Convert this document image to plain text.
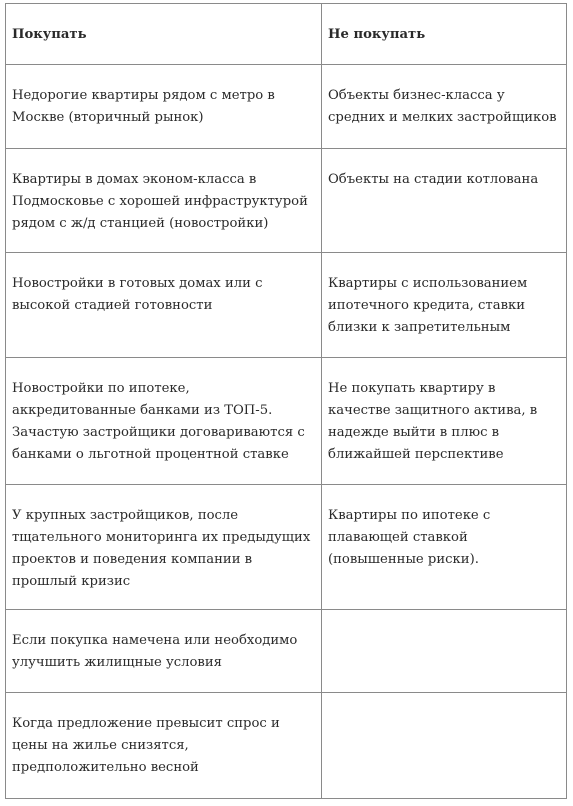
Покупать	Не покупать
Недорогие квартиры рядом с метро в Москве (вторичный рынок)	Объекты бизнес-класса у средних и мелких застройщиков
Квартиры в домах эконом-класса в Подмосковье с хорошей инфраструктурой рядом с ж/д станцией (новостройки)	Объекты на стадии котлована
Новостройки в готовых домах или с высокой стадией готовности	Квартиры с использованием ипотечного кредита, ставки близки к запретительным
Новостройки по ипотеке, аккредитованные банками из ТОП-5. Зачастую застройщики договариваются с банками о льготной процентной ставке	Не покупать квартиру в качестве защитного актива, в надежде выйти в плюс в ближайшей перспективе
У крупных застройщиков, после тщательного мониторинга их предыдущих проектов и поведения компании в прошлый кризис	Квартиры по ипотеке с плавающей ставкой (повышенные риски).
Если покупка намечена или необходимо улучшить жилищные условия	
Когда предложение превысит спрос и цены на жилье снизятся, предположительно весной	
